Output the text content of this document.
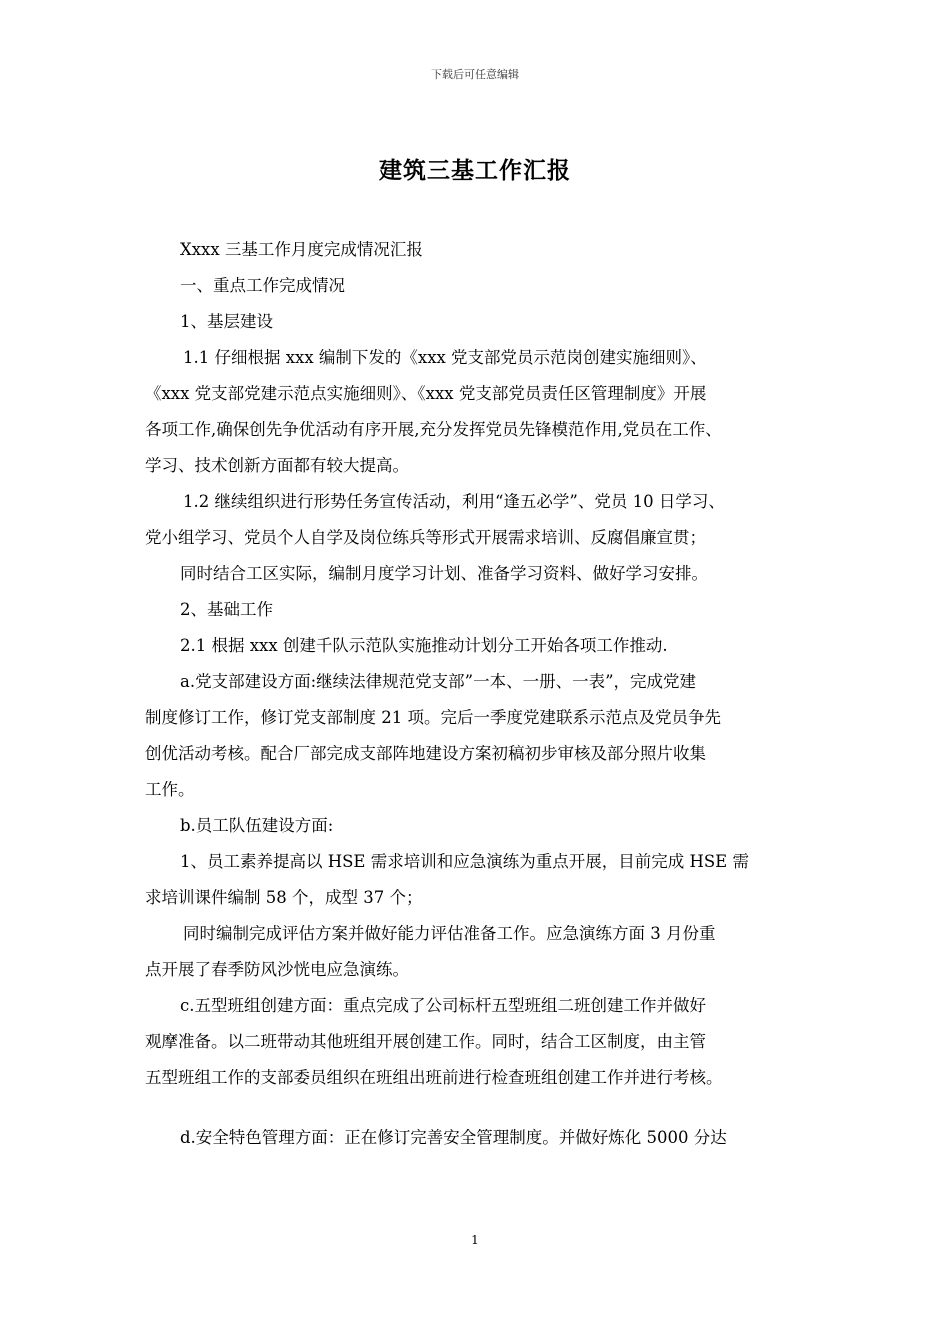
下载后可任意编辑
建筑三基工作汇报
Xxxx 三基工作月度完成情况汇报
一、重点工作完成情况
1、基层建设
1.1 仔细根据 xxx 编制下发的《xxx 党支部党员示范岗创建实施细则》、
《xxx 党支部党建示范点实施细则》、《xxx 党支部党员责任区管理制度》开展
各项工作,确保创先争优活动有序开展,充分发挥党员先锋模范作用,党员在工作、
学习、技术创新方面都有较大提高。
1.2 继续组织进行形势任务宣传活动，利用“逢五必学”、党员 10 日学习、
党小组学习、党员个人自学及岗位练兵等形式开展需求培训、反腐倡廉宣贯；
同时结合工区实际，编制月度学习计划、准备学习资料、做好学习安排。
2、基础工作
2.1 根据 xxx 创建千队示范队实施推动计划分工开始各项工作推动.
a.党支部建设方面:继续法律规范党支部”一本、一册、一表”，完成党建
制度修订工作，修订党支部制度 21 项。完后一季度党建联系示范点及党员争先
创优活动考核。配合厂部完成支部阵地建设方案初稿初步审核及部分照片收集
工作。
b.员工队伍建设方面:
1、员工素养提高以 HSE 需求培训和应急演练为重点开展，目前完成 HSE 需
求培训课件编制 58 个，成型 37 个；
同时编制完成评估方案并做好能力评估准备工作。应急演练方面 3 月份重
点开展了春季防风沙恍电应急演练。
c.五型班组创建方面：重点完成了公司标杆五型班组二班创建工作并做好
观摩准备。以二班带动其他班组开展创建工作。同时，结合工区制度，由主管
五型班组工作的支部委员组织在班组出班前进行检查班组创建工作并进行考核。
d.安全特色管理方面：正在修订完善安全管理制度。并做好炼化 5000 分达
1
